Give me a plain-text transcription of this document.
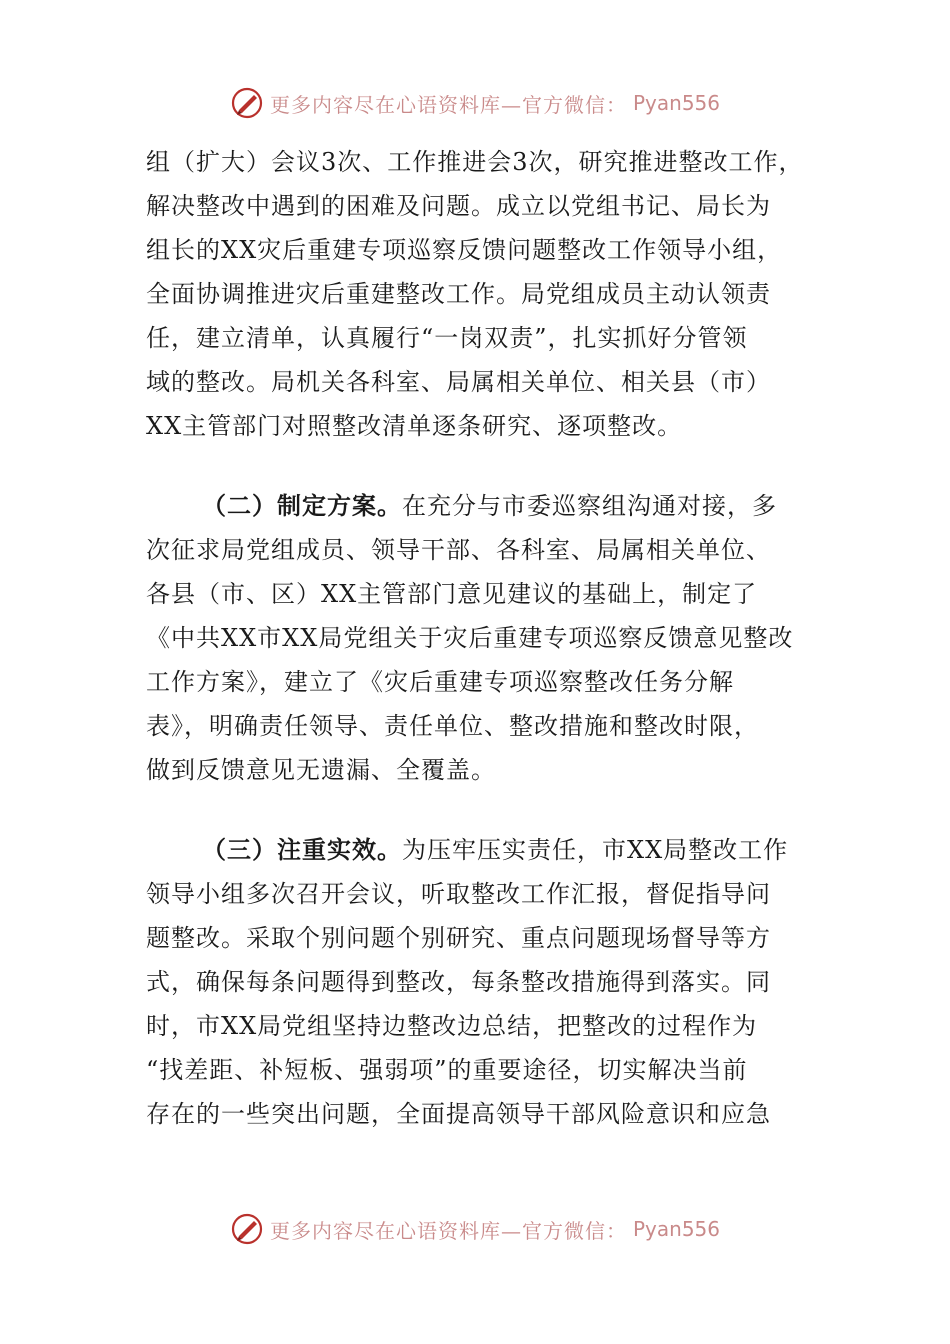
更多内容尽在心语资料库—官方微信： Pyan556
组（扩大）会议3次、工作推进会3次，研究推进整改工作，
解决整改中遇到的困难及问题。成立以党组书记、局长为
组长的XX灾后重建专项巡察反馈问题整改工作领导小组，
全面协调推进灾后重建整改工作。局党组成员主动认领责
任，建立清单，认真履行“一岗双责”，扎实抓好分管领
域的整改。局机关各科室、局属相关单位、相关县（市）
XX主管部门对照整改清单逐条研究、逐项整改。
（二）制定方案。在充分与市委巡察组沟通对接，多
次征求局党组成员、领导干部、各科室、局属相关单位、
各县（市、区）XX主管部门意见建议的基础上，制定了
《中共XX市XX局党组关于灾后重建专项巡察反馈意见整改
工作方案》，建立了《灾后重建专项巡察整改任务分解
表》，明确责任领导、责任单位、整改措施和整改时限，
做到反馈意见无遗漏、全覆盖。
（三）注重实效。为压牢压实责任，市XX局整改工作
领导小组多次召开会议，听取整改工作汇报，督促指导问
题整改。采取个别问题个别研究、重点问题现场督导等方
式，确保每条问题得到整改，每条整改措施得到落实。同
时，市XX局党组坚持边整改边总结，把整改的过程作为
“找差距、补短板、强弱项”的重要途径，切实解决当前
存在的一些突出问题，全面提高领导干部风险意识和应急
更多内容尽在心语资料库—官方微信： Pyan556
